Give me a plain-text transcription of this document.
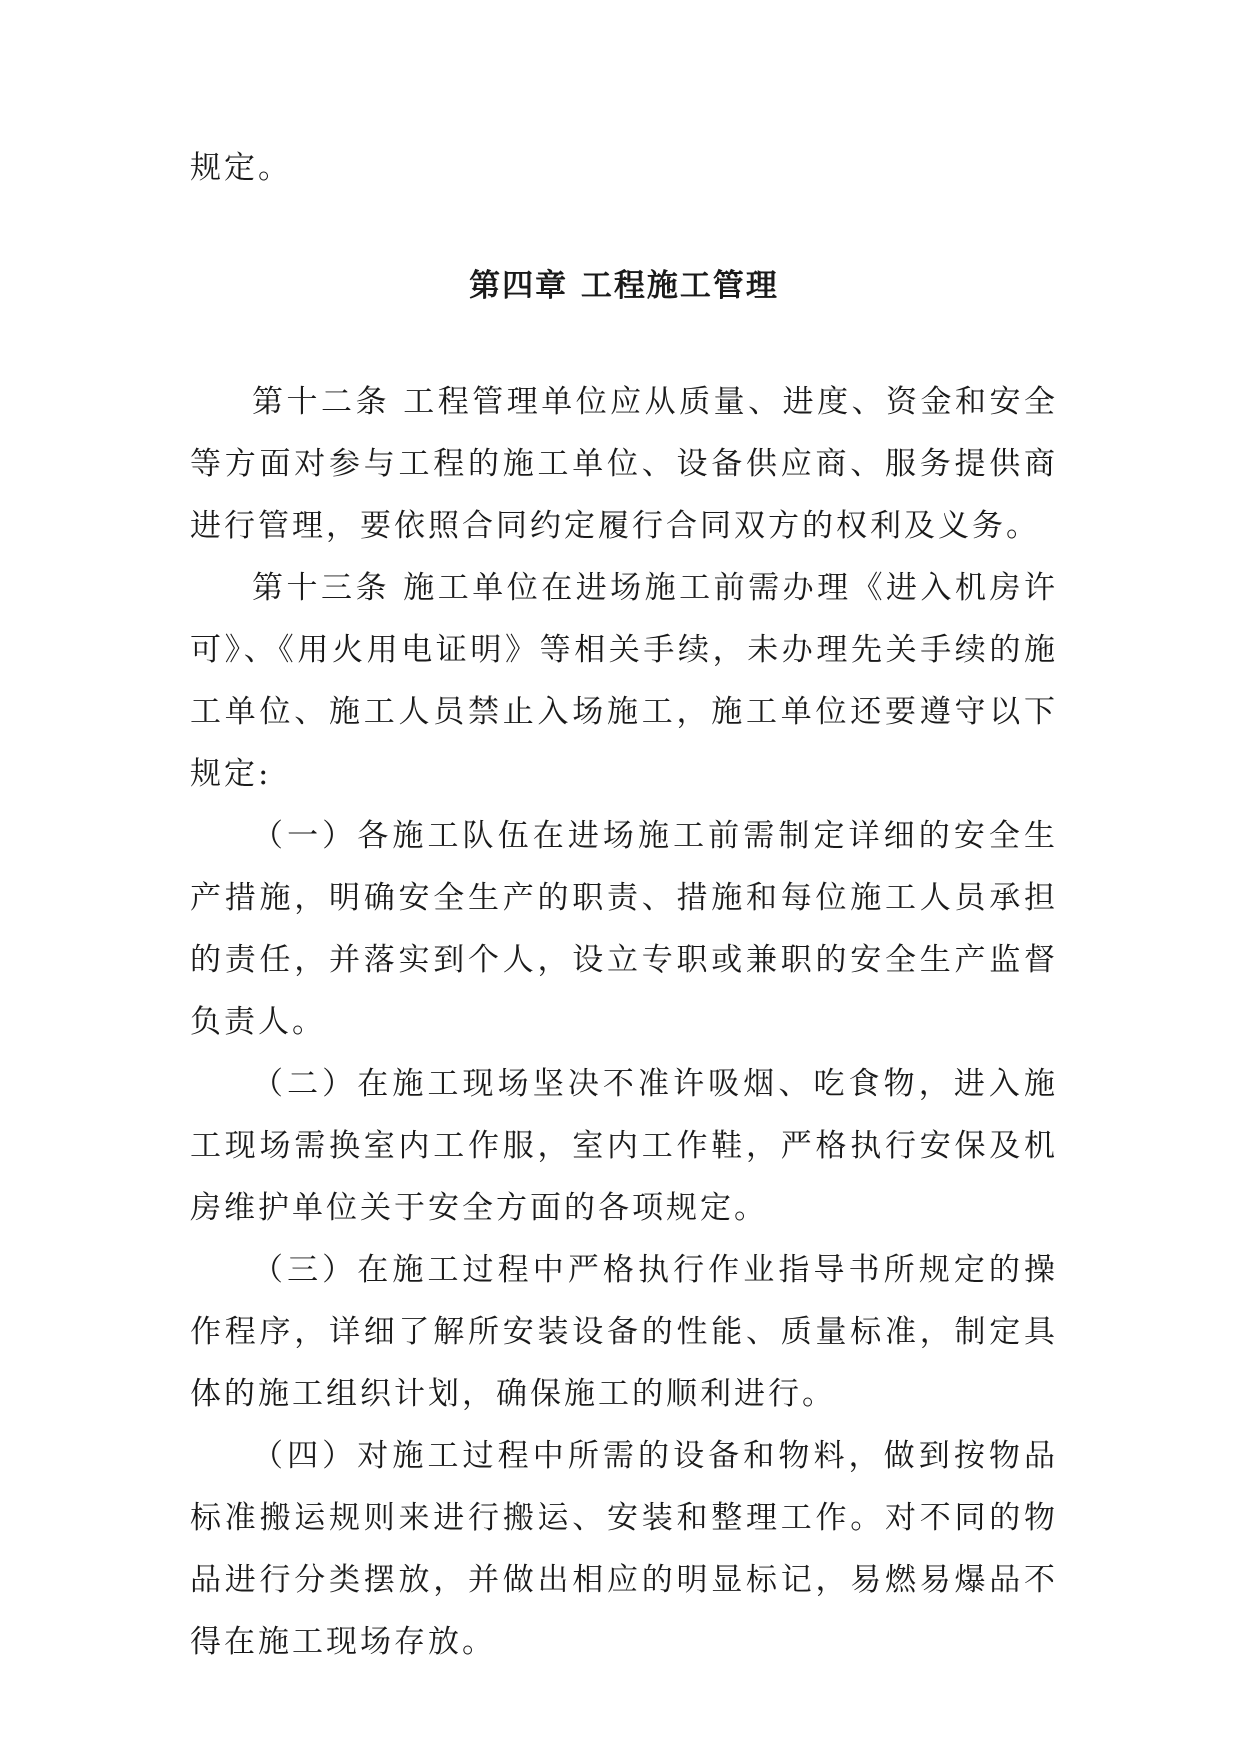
规定。

第四章 工程施工管理

第十二条 工程管理单位应从质量、进度、资金和安全等方面对参与工程的施工单位、设备供应商、服务提供商进行管理，要依照合同约定履行合同双方的权利及义务。

第十三条 施工单位在进场施工前需办理《进入机房许可》、《用火用电证明》等相关手续，未办理先关手续的施工单位、施工人员禁止入场施工，施工单位还要遵守以下规定:

（一）各施工队伍在进场施工前需制定详细的安全生产措施，明确安全生产的职责、措施和每位施工人员承担的责任，并落实到个人，设立专职或兼职的安全生产监督负责人。

（二）在施工现场坚决不准许吸烟、吃食物，进入施工现场需换室内工作服，室内工作鞋，严格执行安保及机房维护单位关于安全方面的各项规定。

（三）在施工过程中严格执行作业指导书所规定的操作程序，详细了解所安装设备的性能、质量标准，制定具体的施工组织计划，确保施工的顺利进行。

（四）对施工过程中所需的设备和物料，做到按物品标准搬运规则来进行搬运、安装和整理工作。对不同的物品进行分类摆放，并做出相应的明显标记，易燃易爆品不得在施工现场存放。
